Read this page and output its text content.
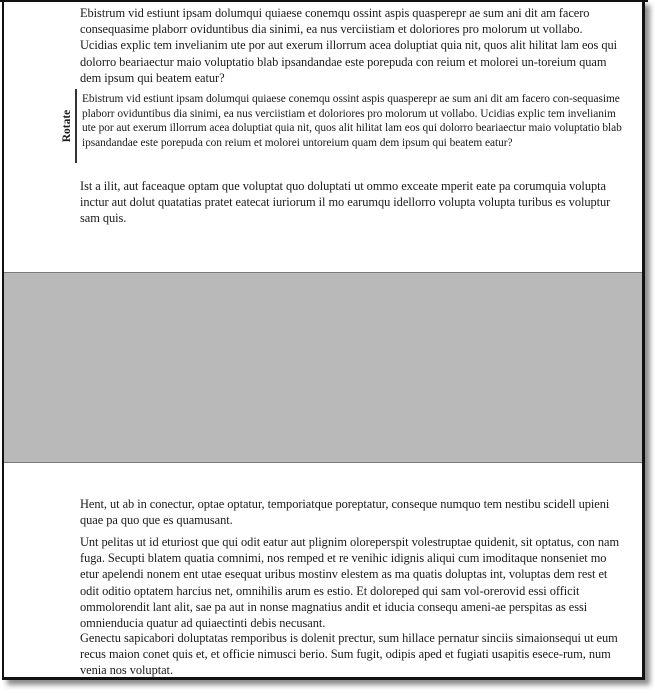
Ebistrum vid estiunt ipsam dolumqui quiaese conemqu ossint aspis quasperepr ae sum ani dit am facero consequasime plaborr oviduntibus dia sinimi, ea nus verciistiam et doloriores pro molorum ut vollabo. Ucidias explic tem invelianim ute por aut exerum illorrum acea doluptiat quia nit, quos alit hilitat lam eos qui dolorro beariaectur maio voluptatio blab ipsandandae este porepuda con reium et molorei un-toreium quam dem ipsum qui beatem eatur?

Rotate

Ebistrum vid estiunt ipsam dolumqui quiaese conemqu ossint aspis quasperepr ae sum ani dit am facero con-sequasime plaborr oviduntibus dia sinimi, ea nus verciistiam et doloriores pro molorum ut vollabo. Ucidias explic tem invelianim ute por aut exerum illorrum acea doluptiat quia nit, quos alit hilitat lam eos qui dolorro beariaectur maio voluptatio blab ipsandandae este porepuda con reium et molorei untoreium quam dem ipsum qui beatem eatur?

Ist a ilit, aut faceaque optam que voluptat quo doluptati ut ommo exceate mperit eate pa corumquia volupta inctur aut dolut quatatias pratet eatecat iuriorum il mo earumqu idellorro volupta volupta turibus es voluptur sam quis.

Hent, ut ab in conectur, optae optatur, temporiatque poreptatur, conseque numquo tem nestibu scidell upieni quae pa quo que es quamusant.

Unt pelitas ut id eturiost que qui odit eatur aut plignim oloreperspit volestruptae quidenit, sit optatus, con nam fuga. Secupti blatem quatia comnimi, nos remped et re venihic idignis aliqui cum imoditaque nonseniet mo etur apelendi nonem ent utae esequat uribus mostinv elestem as ma quatis doluptas int, voluptas dem rest et odit oditio optatem harcius net, omnihilis arum es estio. Et doloreped qui sam vol-orerovid essi officit ommolorendit lant alit, sae pa aut in nonse magnatius andit et iducia consequ ameni-ae perspitas as essi omnienducia quatur ad quiaectinti debis necusant.

Genectu sapicabori doluptatas remporibus is dolenit prectur, sum hillace pernatur sinciis simaionsequi ut eum recus maion conet quis et, et officie nimusci berio. Sum fugit, odipis aped et fugiati usapitis esece-rum, num venia nos voluptat.
